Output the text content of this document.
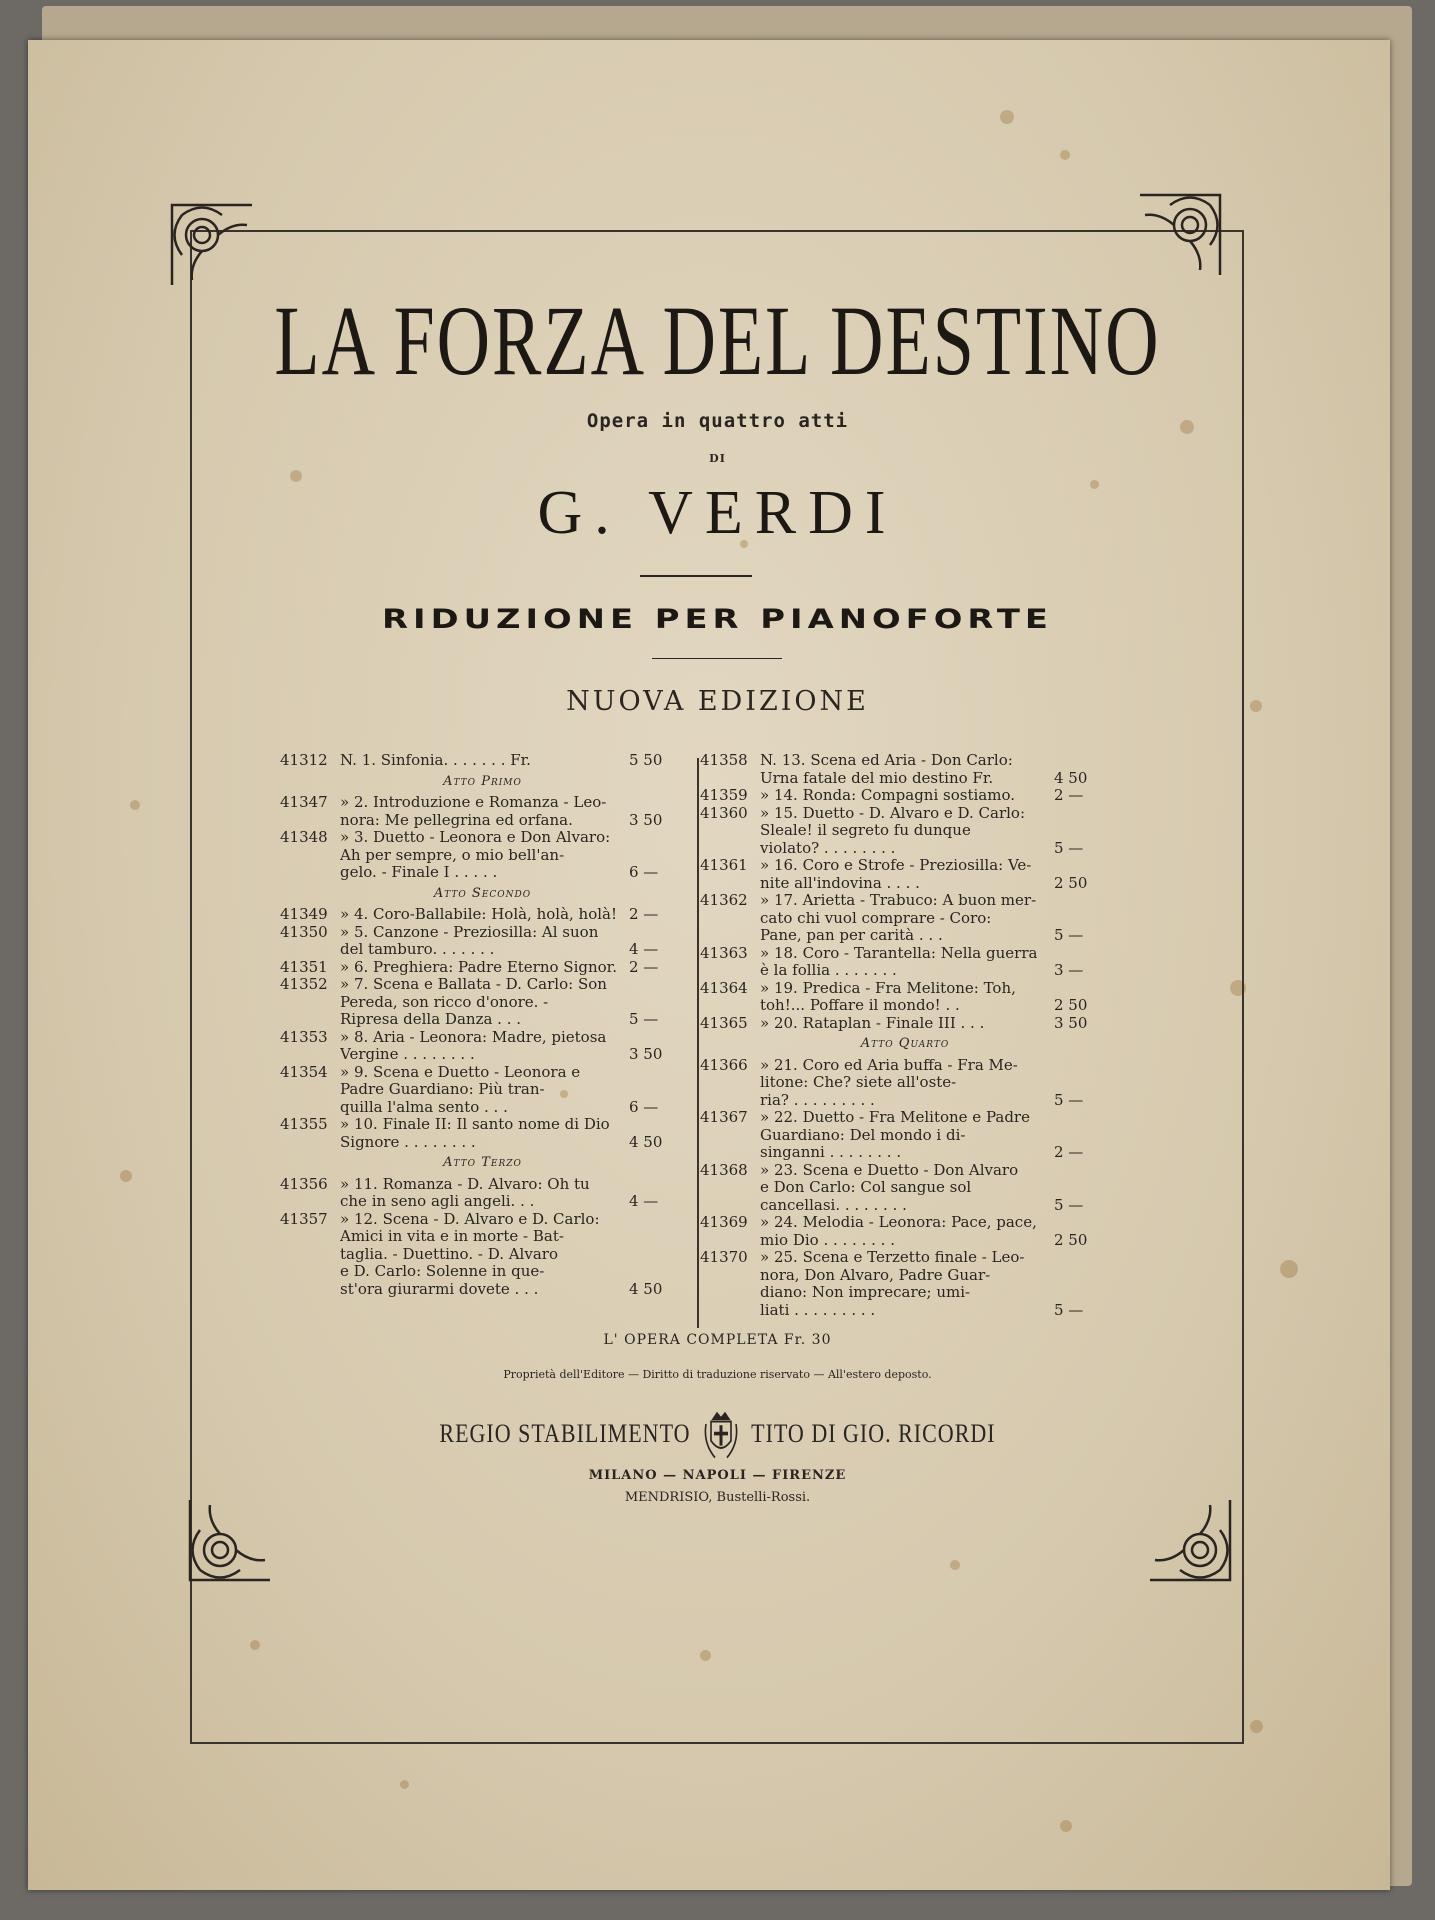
LA FORZA DEL DESTINO
Opera in quattro atti
DI
G. VERDI
RIDUZIONE PER PIANOFORTE
NUOVA EDIZIONE
41312 N. 1. Sinfonia. . . . . . . Fr.	5 50
Atto Primo
41347 » 2. Introduzione e Romanza - Leo-
nora: Me pellegrina ed orfana.	3 50
41348 » 3. Duetto - Leonora e Don Alvaro:
Ah per sempre, o mio bell'an-
gelo. - Finale I . . . . .	6 —
Atto Secondo
41349 » 4. Coro-Ballabile: Holà, holà, holà! 2 —
41350 » 5. Canzone - Preziosilla: Al suon
del tamburo. . . . . . .	4 —
41351 » 6. Preghiera: Padre Eterno Signor. 2 —
41352 » 7. Scena e Ballata - D. Carlo: Son
Pereda, son ricco d'onore. -
Ripresa della Danza . . .	5 —
41353 » 8. Aria - Leonora: Madre, pietosa
Vergine . . . . . . . .	3 50
41354 » 9. Scena e Duetto - Leonora e
Padre Guardiano: Più tran-
quilla l'alma sento . . .	6 —
41355 » 10. Finale II: Il santo nome di Dio
Signore . . . . . . . .	4 50
Atto Terzo
41356 » 11. Romanza - D. Alvaro: Oh tu
che in seno agli angeli. . .	4 —
41357 » 12. Scena - D. Alvaro e D. Carlo:
Amici in vita e in morte - Bat-
taglia. - Duettino. - D. Alvaro
e D. Carlo: Solenne in que-
st'ora giurarmi dovete . . .	4 50
41358 N. 13. Scena ed Aria - Don Carlo:
Urna fatale del mio destino Fr.	4 50
41359 » 14. Ronda: Compagni sostiamo.	2 —
41360 » 15. Duetto - D. Alvaro e D. Carlo:
Sleale! il segreto fu dunque
violato? . . . . . . . .	5 —
41361 » 16. Coro e Strofe - Preziosilla: Ve-
nite all'indovina . . . .	2 50
41362 » 17. Arietta - Trabuco: A buon mer-
cato chi vuol comprare - Coro:
Pane, pan per carità . . .	5 —
41363 » 18. Coro - Tarantella: Nella guerra
è la follia . . . . . . .	3 —
41364 » 19. Predica - Fra Melitone: Toh,
toh!... Poffare il mondo! . .	2 50
41365 » 20. Rataplan - Finale III . . .	3 50
Atto Quarto
41366 » 21. Coro ed Aria buffa - Fra Me-
litone: Che? siete all'oste-
ria? . . . . . . . . .	5 —
41367 » 22. Duetto - Fra Melitone e Padre
Guardiano: Del mondo i di-
singanni . . . . . . . .	2 —
41368 » 23. Scena e Duetto - Don Alvaro
e Don Carlo: Col sangue sol
cancellasi. . . . . . . .	5 —
41369 » 24. Melodia - Leonora: Pace, pace,
mio Dio . . . . . . . .	2 50
41370 » 25. Scena e Terzetto finale - Leo-
nora, Don Alvaro, Padre Guar-
diano: Non imprecare; umi-
liati . . . . . . . . .	5 —
L' OPERA COMPLETA Fr. 30
Proprietà dell'Editore — Diritto di traduzione riservato — All'estero deposto.
REGIO STABILIMENTO	TITO DI GIO. RICORDI
MILANO — NAPOLI — FIRENZE
MENDRISIO, Bustelli-Rossi.
